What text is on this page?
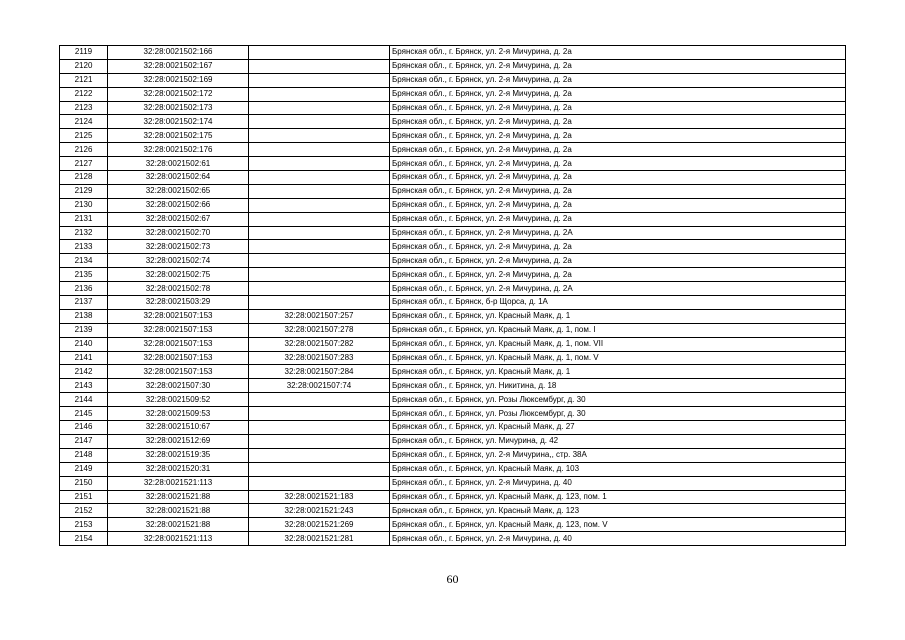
2119	32:28:0021502:166		Брянская обл., г. Брянск, ул. 2-я Мичурина, д. 2а
2120	32:28:0021502:167		Брянская обл., г. Брянск, ул. 2-я Мичурина, д. 2а
2121	32:28:0021502:169		Брянская обл., г. Брянск, ул. 2-я Мичурина, д. 2а
2122	32:28:0021502:172		Брянская обл., г. Брянск, ул. 2-я Мичурина, д. 2а
2123	32:28:0021502:173		Брянская обл., г. Брянск, ул. 2-я Мичурина, д. 2а
2124	32:28:0021502:174		Брянская обл., г. Брянск, ул. 2-я Мичурина, д. 2а
2125	32:28:0021502:175		Брянская обл., г. Брянск, ул. 2-я Мичурина, д. 2а
2126	32:28:0021502:176		Брянская обл., г. Брянск, ул. 2-я Мичурина, д. 2а
2127	32:28:0021502:61		Брянская обл., г. Брянск, ул. 2-я Мичурина, д. 2а
2128	32:28:0021502:64		Брянская обл., г. Брянск, ул. 2-я Мичурина, д. 2а
2129	32:28:0021502:65		Брянская обл., г. Брянск, ул. 2-я Мичурина, д. 2а
2130	32:28:0021502:66		Брянская обл., г. Брянск, ул. 2-я Мичурина, д. 2а
2131	32:28:0021502:67		Брянская обл., г. Брянск, ул. 2-я Мичурина, д. 2а
2132	32:28:0021502:70		Брянская обл., г. Брянск, ул. 2-я Мичурина, д. 2А
2133	32:28:0021502:73		Брянская обл., г. Брянск, ул. 2-я Мичурина, д. 2а
2134	32:28:0021502:74		Брянская обл., г. Брянск, ул. 2-я Мичурина, д. 2а
2135	32:28:0021502:75		Брянская обл., г. Брянск, ул. 2-я Мичурина, д. 2а
2136	32:28:0021502:78		Брянская обл., г. Брянск, ул. 2-я Мичурина, д. 2А
2137	32:28:0021503:29		Брянская обл., г. Брянск, б-р Щорса, д. 1А
2138	32:28:0021507:153	32:28:0021507:257	Брянская обл., г. Брянск, ул. Красный Маяк, д. 1
2139	32:28:0021507:153	32:28:0021507:278	Брянская обл., г. Брянск, ул. Красный Маяк, д. 1, пом. I
2140	32:28:0021507:153	32:28:0021507:282	Брянская обл., г. Брянск, ул. Красный Маяк, д. 1, пом. VII
2141	32:28:0021507:153	32:28:0021507:283	Брянская обл., г. Брянск, ул. Красный Маяк, д. 1, пом. V
2142	32:28:0021507:153	32:28:0021507:284	Брянская обл., г. Брянск, ул. Красный Маяк, д. 1
2143	32:28:0021507:30	32:28:0021507:74	Брянская обл., г. Брянск, ул. Никитина, д. 18
2144	32:28:0021509:52		Брянская обл., г. Брянск, ул. Розы Люксембург, д. 30
2145	32:28:0021509:53		Брянская обл., г. Брянск, ул. Розы Люксембург, д. 30
2146	32:28:0021510:67		Брянская обл., г. Брянск, ул. Красный Маяк, д. 27
2147	32:28:0021512:69		Брянская обл., г. Брянск, ул. Мичурина, д. 42
2148	32:28:0021519:35		Брянская обл., г. Брянск, ул. 2-я Мичурина,, стр. 38А
2149	32:28:0021520:31		Брянская обл., г. Брянск, ул. Красный Маяк, д. 103
2150	32:28:0021521:113		Брянская обл., г. Брянск, ул. 2-я Мичурина, д. 40
2151	32:28:0021521:88	32:28:0021521:183	Брянская обл., г. Брянск, ул. Красный Маяк, д. 123, пом. 1
2152	32:28:0021521:88	32:28:0021521:243	Брянская обл., г. Брянск, ул. Красный Маяк, д. 123
2153	32:28:0021521:88	32:28:0021521:269	Брянская обл., г. Брянск, ул. Красный Маяк, д. 123, пом. V
2154	32:28:0021521:113	32:28:0021521:281	Брянская обл., г. Брянск, ул. 2-я Мичурина, д. 40
60
